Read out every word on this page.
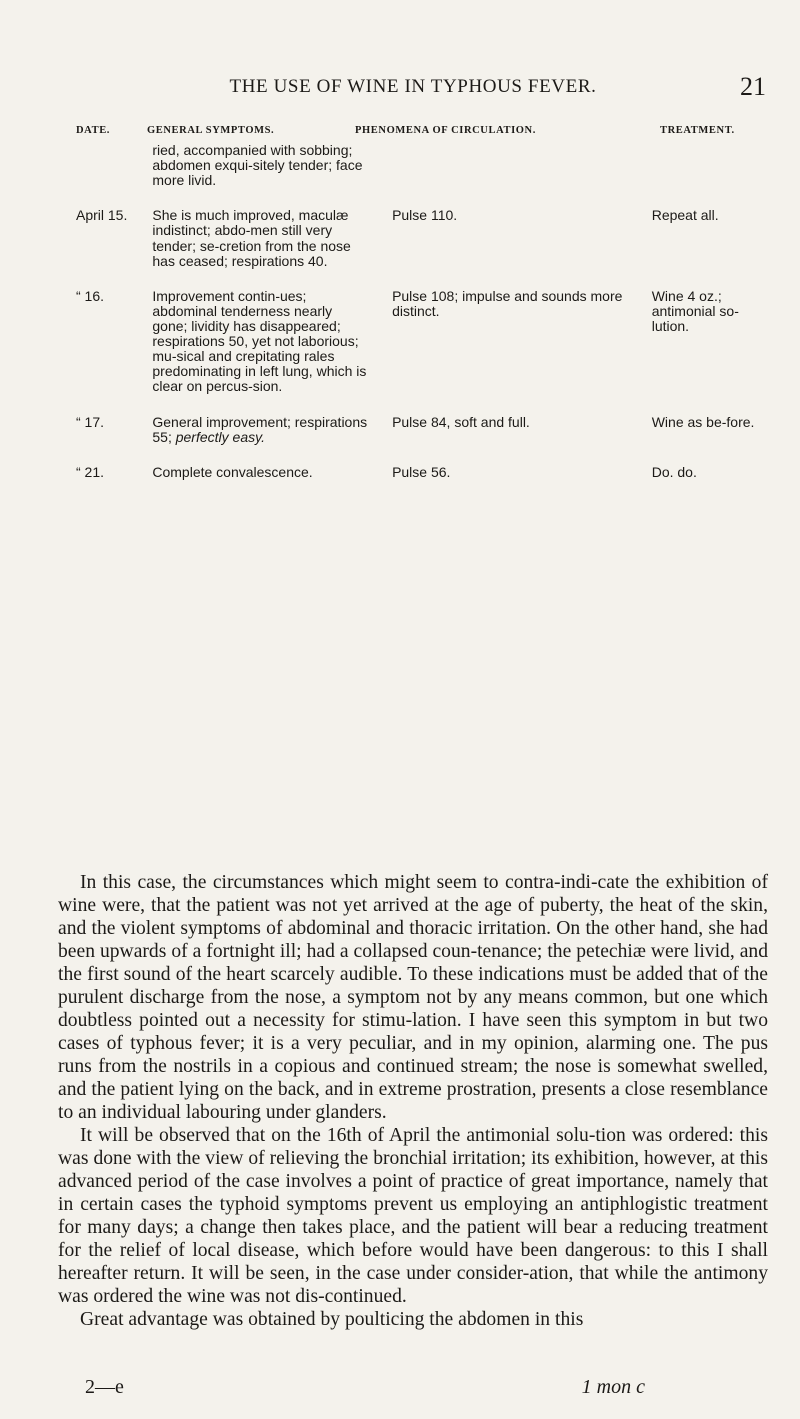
THE USE OF WINE IN TYPHOUS FEVER.	21
DATE.	GENERAL SYMPTOMS.	PHENOMENA OF CIRCULATION.	TREATMENT.
	ried, accompanied with sobbing; abdomen exqui-sitely tender; face more livid.		

April 15.	She is much improved, maculæ indistinct; abdo-men still very tender; se-cretion from the nose has ceased; respirations 40.	Pulse 110.	Repeat all.

“ 16.	Improvement contin-ues; abdominal tenderness nearly gone; lividity has disappeared; respirations 50, yet not laborious; mu-sical and crepitating rales predominating in left lung, which is clear on percus-sion.	Pulse 108; impulse and sounds more distinct.	Wine 4 oz.; antimonial so-lution.

“ 17.	General improvement; respirations 55; perfectly easy.	Pulse 84, soft and full.	Wine as be-fore.

“ 21.	Complete convalescence.	Pulse 56.	Do. do.

In this case, the circumstances which might seem to contra-indi-cate the exhibition of wine were, that the patient was not yet arrived at the age of puberty, the heat of the skin, and the violent symptoms of abdominal and thoracic irritation. On the other hand, she had been upwards of a fortnight ill; had a collapsed coun-tenance; the petechiæ were livid, and the first sound of the heart scarcely audible. To these indications must be added that of the purulent discharge from the nose, a symptom not by any means common, but one which doubtless pointed out a necessity for stimu-lation. I have seen this symptom in but two cases of typhous fever; it is a very peculiar, and in my opinion, alarming one. The pus runs from the nostrils in a copious and continued stream; the nose is somewhat swelled, and the patient lying on the back, and in extreme prostration, presents a close resemblance to an individual labouring under glanders.

It will be observed that on the 16th of April the antimonial solu-tion was ordered: this was done with the view of relieving the bronchial irritation; its exhibition, however, at this advanced period of the case involves a point of practice of great importance, namely that in certain cases the typhoid symptoms prevent us employing an antiphlogistic treatment for many days; a change then takes place, and the patient will bear a reducing treatment for the relief of local disease, which before would have been dangerous: to this I shall hereafter return. It will be seen, in the case under consider-ation, that while the antimony was ordered the wine was not dis-continued.

Great advantage was obtained by poulticing the abdomen in this

2—e	1 mon c
